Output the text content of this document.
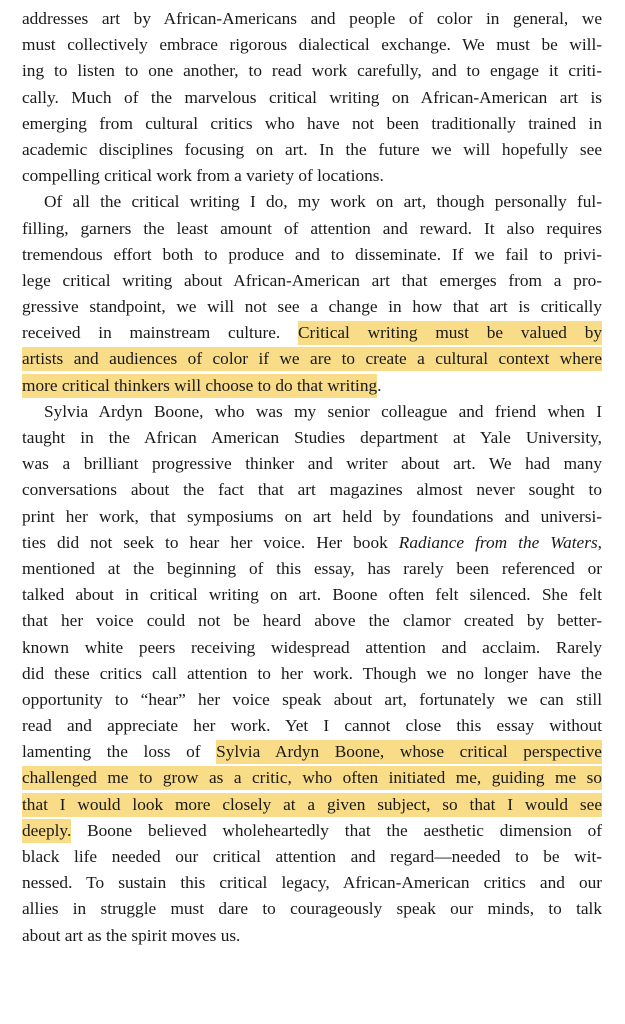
addresses art by African-Americans and people of color in general, we
must collectively embrace rigorous dialectical exchange. We must be will-
ing to listen to one another, to read work carefully, and to engage it criti-
cally. Much of the marvelous critical writing on African-American art is
emerging from cultural critics who have not been traditionally trained in
academic disciplines focusing on art. In the future we will hopefully see
compelling critical work from a variety of locations.
Of all the critical writing I do, my work on art, though personally ful-
filling, garners the least amount of attention and reward. It also requires
tremendous effort both to produce and to disseminate. If we fail to privi-
lege critical writing about African-American art that emerges from a pro-
gressive standpoint, we will not see a change in how that art is critically
received in mainstream culture. Critical writing must be valued by
artists and audiences of color if we are to create a cultural context where
more critical thinkers will choose to do that writing.
Sylvia Ardyn Boone, who was my senior colleague and friend when I
taught in the African American Studies department at Yale University,
was a brilliant progressive thinker and writer about art. We had many
conversations about the fact that art magazines almost never sought to
print her work, that symposiums on art held by foundations and universi-
ties did not seek to hear her voice. Her book Radiance from the Waters,
mentioned at the beginning of this essay, has rarely been referenced or
talked about in critical writing on art. Boone often felt silenced. She felt
that her voice could not be heard above the clamor created by better-
known white peers receiving widespread attention and acclaim. Rarely
did these critics call attention to her work. Though we no longer have the
opportunity to “hear” her voice speak about art, fortunately we can still
read and appreciate her work. Yet I cannot close this essay without
lamenting the loss of Sylvia Ardyn Boone, whose critical perspective
challenged me to grow as a critic, who often initiated me, guiding me so
that I would look more closely at a given subject, so that I would see
deeply. Boone believed wholeheartedly that the aesthetic dimension of
black life needed our critical attention and regard—needed to be wit-
nessed. To sustain this critical legacy, African-American critics and our
allies in struggle must dare to courageously speak our minds, to talk
about art as the spirit moves us.
